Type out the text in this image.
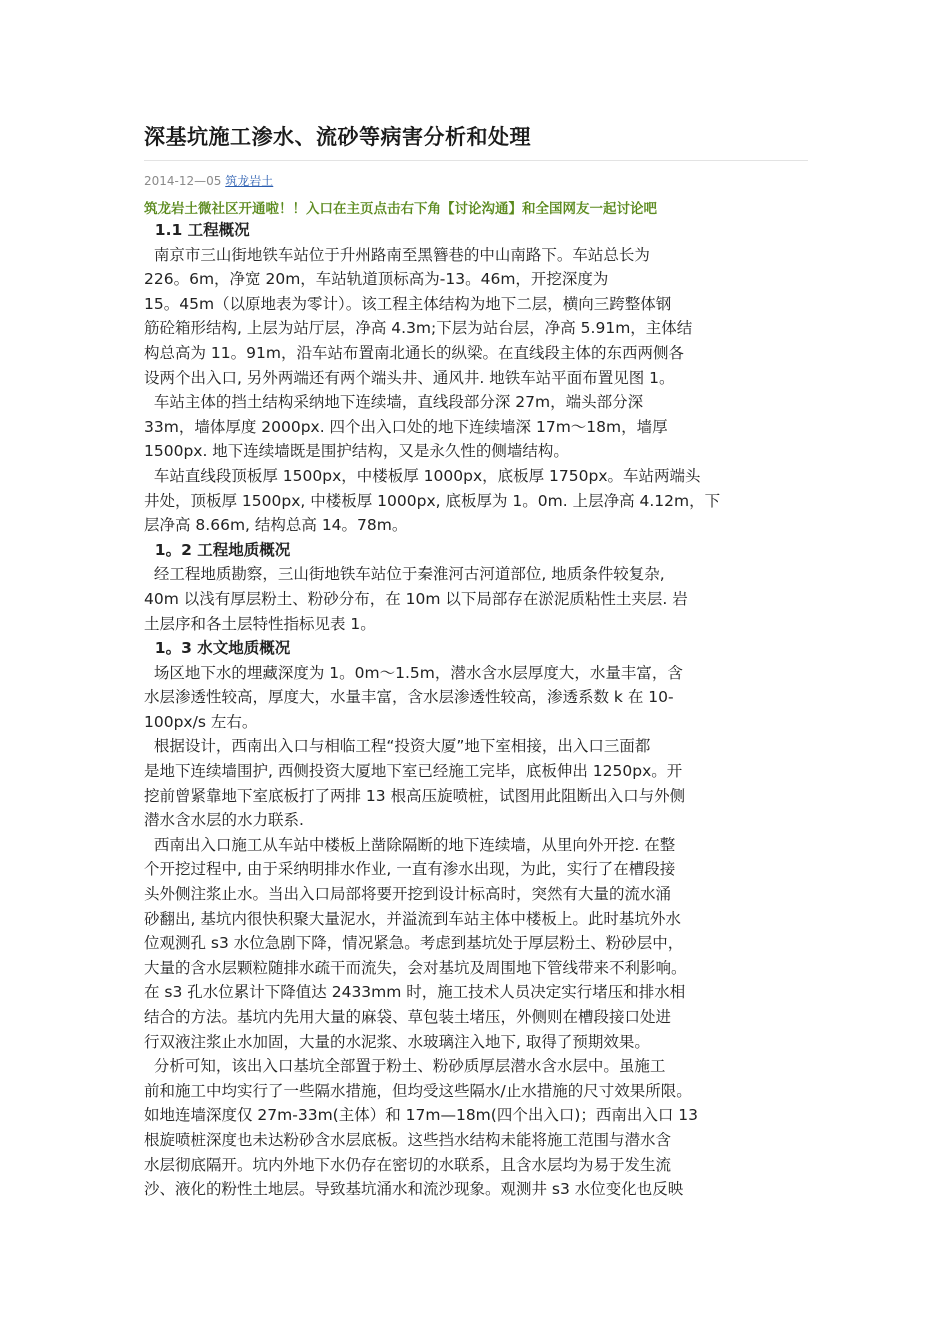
深基坑施工渗水、流砂等病害分析和处理
2014-12—05 筑龙岩土
筑龙岩土微社区开通啦！！入口在主页点击右下角【讨论沟通】和全国网友一起讨论吧
1.1 工程概况
南京市三山街地铁车站位于升州路南至黑簪巷的中山南路下。车站总长为
226。6m，净宽 20m，车站轨道顶标高为-13。46m，开挖深度为
15。45m（以原地表为零计）。该工程主体结构为地下二层，横向三跨整体钢
筋砼箱形结构, 上层为站厅层，净高 4.3m;下层为站台层，净高 5.91m，主体结
构总高为 11。91m，沿车站布置南北通长的纵梁。在直线段主体的东西两侧各
设两个出入口, 另外两端还有两个端头井、通风井. 地铁车站平面布置见图 1。
车站主体的挡土结构采纳地下连续墙，直线段部分深 27m，端头部分深
33m，墙体厚度 2000px. 四个出入口处的地下连续墙深 17m～18m，墙厚
1500px. 地下连续墙既是围护结构，又是永久性的侧墙结构。
车站直线段顶板厚 1500px，中楼板厚 1000px，底板厚 1750px。车站两端头
井处，顶板厚 1500px, 中楼板厚 1000px, 底板厚为 1。0m. 上层净高 4.12m，下
层净高 8.66m, 结构总高 14。78m。
1。2 工程地质概况
经工程地质勘察，三山街地铁车站位于秦淮河古河道部位, 地质条件较复杂,
40m 以浅有厚层粉土、粉砂分布，在 10m 以下局部存在淤泥质粘性土夹层. 岩
土层序和各土层特性指标见表 1。
1。3 水文地质概况
场区地下水的埋藏深度为 1。0m～1.5m，潜水含水层厚度大，水量丰富，含
水层渗透性较高，厚度大，水量丰富，含水层渗透性较高，渗透系数 k 在 10-
100px/s 左右。
根据设计，西南出入口与相临工程“投资大厦”地下室相接，出入口三面都
是地下连续墙围护, 西侧投资大厦地下室已经施工完毕，底板伸出 1250px。开
挖前曾紧靠地下室底板打了两排 13 根高压旋喷桩，试图用此阻断出入口与外侧
潜水含水层的水力联系.
西南出入口施工从车站中楼板上凿除隔断的地下连续墙，从里向外开挖. 在整
个开挖过程中, 由于采纳明排水作业, 一直有渗水出现，为此，实行了在槽段接
头外侧注浆止水。当出入口局部将要开挖到设计标高时，突然有大量的流水涌
砂翻出, 基坑内很快积聚大量泥水，并溢流到车站主体中楼板上。此时基坑外水
位观测孔 s3 水位急剧下降，情况紧急。考虑到基坑处于厚层粉土、粉砂层中，
大量的含水层颗粒随排水疏干而流失，会对基坑及周围地下管线带来不利影响。
在 s3 孔水位累计下降值达 2433mm 时，施工技术人员决定实行堵压和排水相
结合的方法。基坑内先用大量的麻袋、草包装土堵压，外侧则在槽段接口处进
行双液注浆止水加固，大量的水泥浆、水玻璃注入地下, 取得了预期效果。
分析可知，该出入口基坑全部置于粉土、粉砂质厚层潜水含水层中。虽施工
前和施工中均实行了一些隔水措施，但均受这些隔水/止水措施的尺寸效果所限。
如地连墙深度仅 27m-33m(主体）和 17m—18m(四个出入口)；西南出入口 13
根旋喷桩深度也未达粉砂含水层底板。这些挡水结构未能将施工范围与潜水含
水层彻底隔开。坑内外地下水仍存在密切的水联系，且含水层均为易于发生流
沙、液化的粉性土地层。导致基坑涌水和流沙现象。观测井 s3 水位变化也反映
